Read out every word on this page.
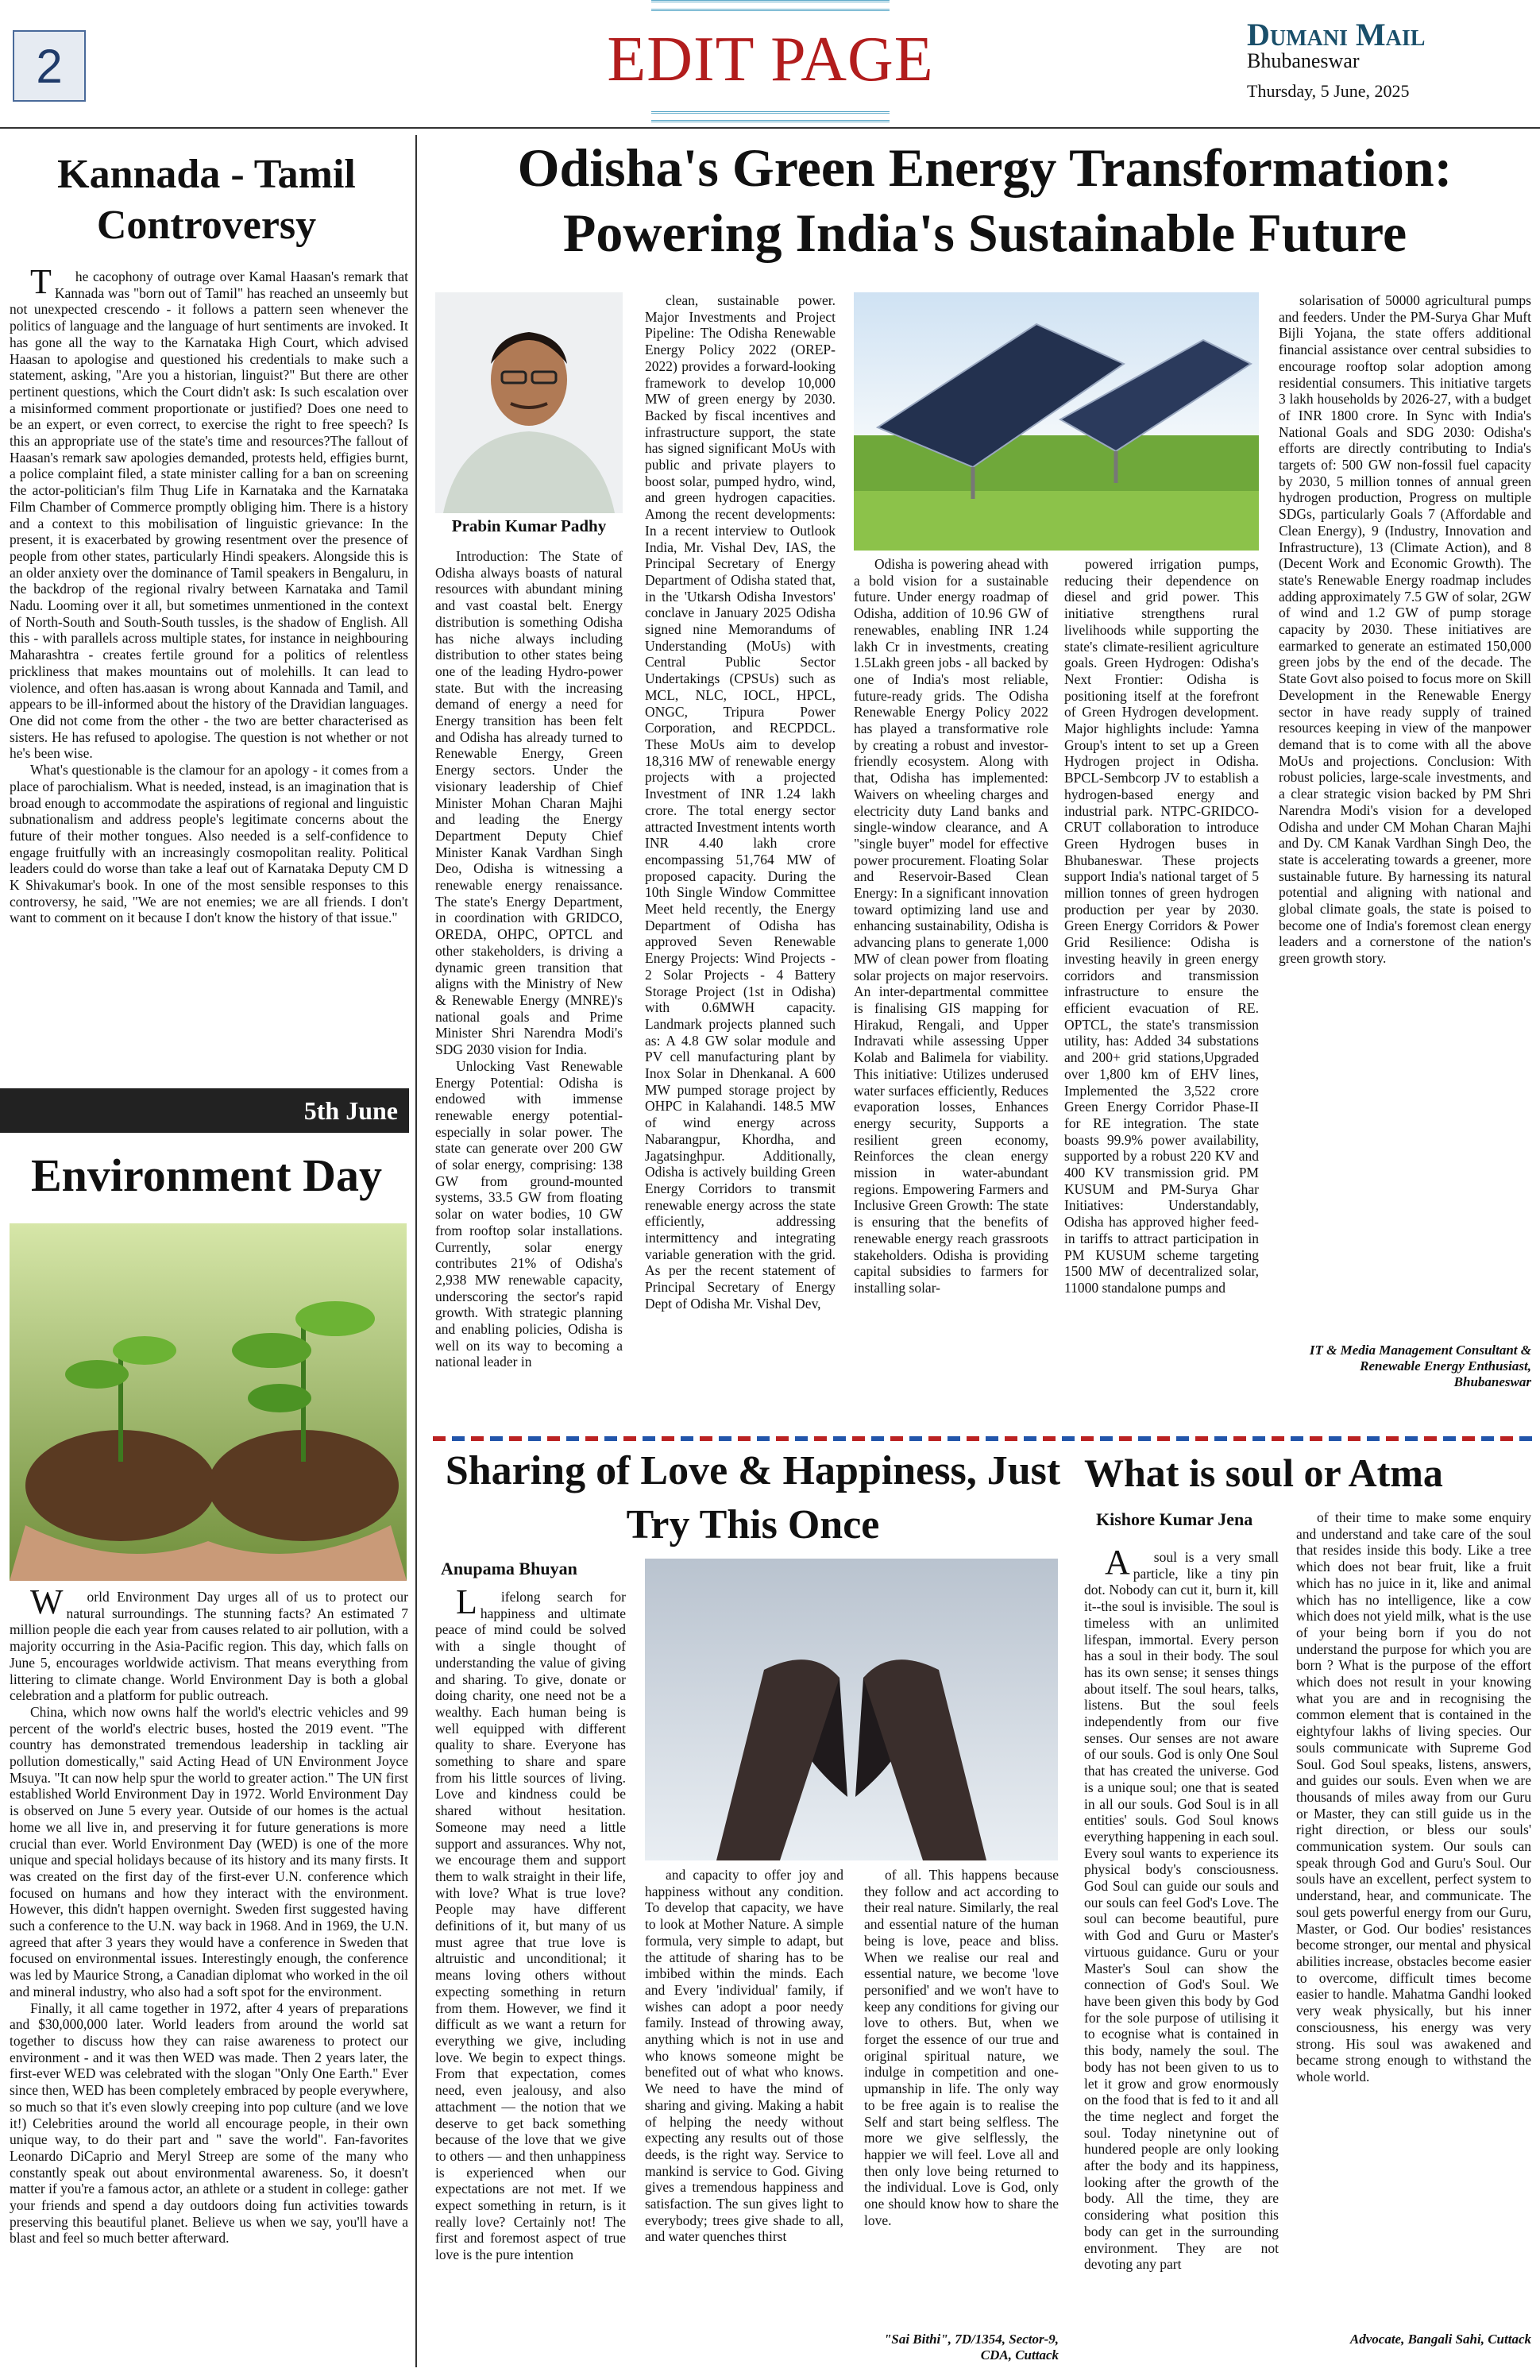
2	EDIT PAGE	Dumani Mail
Bhubaneswar
Thursday, 5 June, 2025
Kannada - Tamil Controversy

The cacophony of outrage over Kamal Haasan's remark that Kannada was "born out of Tamil" has reached an unseemly but not unexpected crescendo - it follows a pattern seen whenever the politics of language and the language of hurt sentiments are invoked. It has gone all the way to the Karnataka High Court, which advised Haasan to apologise and questioned his credentials to make such a statement, asking, "Are you a historian, linguist?" But there are other pertinent questions, which the Court didn't ask: Is such escalation over a misinformed comment proportionate or justified? Does one need to be an expert, or even correct, to exercise the right to free speech? Is this an appropriate use of the state's time and resources?The fallout of Haasan's remark saw apologies demanded, protests held, effigies burnt, a police complaint filed, a state minister calling for a ban on screening the actor-politician's film Thug Life in Karnataka and the Karnataka Film Chamber of Commerce promptly obliging him. There is a history and a context to this mobilisation of linguistic grievance: In the present, it is exacerbated by growing resentment over the presence of people from other states, particularly Hindi speakers. Alongside this is an older anxiety over the dominance of Tamil speakers in Bengaluru, in the backdrop of the regional rivalry between Karnataka and Tamil Nadu. Looming over it all, but sometimes unmentioned in the context of North-South and South-South tussles, is the shadow of English. All this - with parallels across multiple states, for instance in neighbouring Maharashtra - creates fertile ground for a politics of relentless prickliness that makes mountains out of molehills. It can lead to violence, and often has.aasan is wrong about Kannada and Tamil, and appears to be ill-informed about the history of the Dravidian languages. One did not come from the other - the two are better characterised as sisters. He has refused to apologise. The question is not whether or not he's been wise.

What's questionable is the clamour for an apology - it comes from a place of parochialism. What is needed, instead, is an imagination that is broad enough to accommodate the aspirations of regional and linguistic subnationalism and address people's legitimate concerns about the future of their mother tongues. Also needed is a self-confidence to engage fruitfully with an increasingly cosmopolitan reality. Political leaders could do worse than take a leaf out of Karnataka Deputy CM D K Shivakumar's book. In one of the most sensible responses to this controversy, he said, "We are not enemies; we are all friends. I don't want to comment on it because I don't know the history of that issue."

5th June
Environment Day

World Environment Day urges all of us to protect our natural surroundings. The stunning facts? An estimated 7 million people die each year from causes related to air pollution, with a majority occurring in the Asia-Pacific region. This day, which falls on June 5, encourages worldwide activism. That means everything from littering to climate change. World Environment Day is both a global celebration and a platform for public outreach.

China, which now owns half the world's electric vehicles and 99 percent of the world's electric buses, hosted the 2019 event. "The country has demonstrated tremendous leadership in tackling air pollution domestically," said Acting Head of UN Environment Joyce Msuya. "It can now help spur the world to greater action." The UN first established World Environment Day in 1972. World Environment Day is observed on June 5 every year. Outside of our homes is the actual home we all live in, and preserving it for future generations is more crucial than ever. World Environment Day (WED) is one of the more unique and special holidays because of its history and its many firsts. It was created on the first day of the first-ever U.N. conference which focused on humans and how they interact with the environment. However, this didn't happen overnight. Sweden first suggested having such a conference to the U.N. way back in 1968. And in 1969, the U.N. agreed that after 3 years they would have a conference in Sweden that focused on environmental issues. Interestingly enough, the conference was led by Maurice Strong, a Canadian diplomat who worked in the oil and mineral industry, who also had a soft spot for the environment.

Finally, it all came together in 1972, after 4 years of preparations and $30,000,000 later. World leaders from around the world sat together to discuss how they can raise awareness to protect our environment - and it was then WED was made. Then 2 years later, the first-ever WED was celebrated with the slogan "Only One Earth." Ever since then, WED has been completely embraced by people everywhere, so much so that it's even slowly creeping into pop culture (and we love it!) Celebrities around the world all encourage people, in their own unique way, to do their part and " save the world". Fan-favorites Leonardo DiCaprio and Meryl Streep are some of the many who constantly speak out about environmental awareness. So, it doesn't matter if you're a famous actor, an athlete or a student in college: gather your friends and spend a day outdoors doing fun activities towards preserving this beautiful planet. Believe us when we say, you'll have a blast and feel so much better afterward.

Odisha's Green Energy Transformation: Powering India's Sustainable Future
Prabin Kumar Padhy

Introduction: The State of Odisha always boasts of natural resources with abundant mining and vast coastal belt. Energy distribution is something Odisha has niche always including distribution to other states being one of the leading Hydro-power state. But with the increasing demand of energy a need for Energy transition has been felt and Odisha has already turned to Renewable Energy, Green Energy sectors. Under the visionary leadership of Chief Minister Mohan Charan Majhi and leading the Energy Department Deputy Chief Minister Kanak Vardhan Singh Deo, Odisha is witnessing a renewable energy renaissance. The state's Energy Department, in coordination with GRIDCO, OREDA, OHPC, OPTCL and other stakeholders, is driving a dynamic green transition that aligns with the Ministry of New & Renewable Energy (MNRE)'s national goals and Prime Minister Shri Narendra Modi's SDG 2030 vision for India.

Unlocking Vast Renewable Energy Potential: Odisha is endowed with immense renewable energy potential-especially in solar power. The state can generate over 200 GW of solar energy, comprising: 138 GW from ground-mounted systems, 33.5 GW from floating solar on water bodies, 10 GW from rooftop solar installations. Currently, solar energy contributes 21% of Odisha's 2,938 MW renewable capacity, underscoring the sector's rapid growth. With strategic planning and enabling policies, Odisha is well on its way to becoming a national leader in

clean, sustainable power. Major Investments and Project Pipeline: The Odisha Renewable Energy Policy 2022 (OREP-2022) provides a forward-looking framework to develop 10,000 MW of green energy by 2030. Backed by fiscal incentives and infrastructure support, the state has signed significant MoUs with public and private players to boost solar, pumped hydro, wind, and green hydrogen capacities. Among the recent developments: In a recent interview to Outlook India, Mr. Vishal Dev, IAS, the Principal Secretary of Energy Department of Odisha stated that, in the 'Utkarsh Odisha Investors' conclave in January 2025 Odisha signed nine Memorandums of Understanding (MoUs) with Central Public Sector Undertakings (CPSUs) such as MCL, NLC, IOCL, HPCL, ONGC, Tripura Power Corporation, and RECPDCL. These MoUs aim to develop 18,316 MW of renewable energy projects with a projected Investment of INR 1.24 lakh crore. The total energy sector attracted Investment intents worth INR 4.40 lakh crore encompassing 51,764 MW of proposed capacity. During the 10th Single Window Committee Meet held recently, the Energy Department of Odisha has approved Seven Renewable Energy Projects: Wind Projects - 2 Solar Projects - 4 Battery Storage Project (1st in Odisha) with 0.6MWH capacity. Landmark projects planned such as: A 4.8 GW solar module and PV cell manufacturing plant by Inox Solar in Dhenkanal. A 600 MW pumped storage project by OHPC in Kalahandi. 148.5 MW of wind energy across Nabarangpur, Khordha, and Jagatsinghpur. Additionally, Odisha is actively building Green Energy Corridors to transmit renewable energy across the state efficiently, addressing intermittency and integrating variable generation with the grid. As per the recent statement of Principal Secretary of Energy Dept of Odisha Mr. Vishal Dev,

Odisha is powering ahead with a bold vision for a sustainable future. Under energy roadmap of Odisha, addition of 10.96 GW of renewables, enabling INR 1.24 lakh Cr in investments, creating 1.5Lakh green jobs - all backed by one of India's most reliable, future-ready grids. The Odisha Renewable Energy Policy 2022 has played a transformative role by creating a robust and investor-friendly ecosystem. Along with that, Odisha has implemented: Waivers on wheeling charges and electricity duty Land banks and single-window clearance, and A "single buyer" model for effective power procurement. Floating Solar and Reservoir-Based Clean Energy: In a significant innovation toward optimizing land use and enhancing sustainability, Odisha is advancing plans to generate 1,000 MW of clean power from floating solar projects on major reservoirs. An inter-departmental committee is finalising GIS mapping for Hirakud, Rengali, and Upper Indravati while assessing Upper Kolab and Balimela for viability. This initiative: Utilizes underused water surfaces efficiently, Reduces evaporation losses, Enhances energy security, Supports a resilient green economy, Reinforces the clean energy mission in water-abundant regions. Empowering Farmers and Inclusive Green Growth: The state is ensuring that the benefits of renewable energy reach grassroots stakeholders. Odisha is providing capital subsidies to farmers for installing solar-

powered irrigation pumps, reducing their dependence on diesel and grid power. This initiative strengthens rural livelihoods while supporting the state's climate-resilient agriculture goals. Green Hydrogen: Odisha's Next Frontier: Odisha is positioning itself at the forefront of Green Hydrogen development. Major highlights include: Yamna Group's intent to set up a Green Hydrogen project in Odisha. BPCL-Sembcorp JV to establish a hydrogen-based energy and industrial park. NTPC-GRIDCO-CRUT collaboration to introduce Green Hydrogen buses in Bhubaneswar. These projects support India's national target of 5 million tonnes of green hydrogen production per year by 2030. Green Energy Corridors & Power Grid Resilience: Odisha is investing heavily in green energy corridors and transmission infrastructure to ensure the efficient evacuation of RE. OPTCL, the state's transmission utility, has: Added 34 substations and 200+ grid stations,Upgraded over 1,800 km of EHV lines, Implemented the 3,522 crore Green Energy Corridor Phase-II for RE integration. The state boasts 99.9% power availability, supported by a robust 220 KV and 400 KV transmission grid. PM KUSUM and PM-Surya Ghar Initiatives: Understandably, Odisha has approved higher feed-in tariffs to attract participation in PM KUSUM scheme targeting 1500 MW of decentralized solar, 11000 standalone pumps and

solarisation of 50000 agricultural pumps and feeders. Under the PM-Surya Ghar Muft Bijli Yojana, the state offers additional financial assistance over central subsidies to encourage rooftop solar adoption among residential consumers. This initiative targets 3 lakh households by 2026-27, with a budget of INR 1800 crore. In Sync with India's National Goals and SDG 2030: Odisha's efforts are directly contributing to India's targets of: 500 GW non-fossil fuel capacity by 2030, 5 million tonnes of annual green hydrogen production, Progress on multiple SDGs, particularly Goals 7 (Affordable and Clean Energy), 9 (Industry, Innovation and Infrastructure), 13 (Climate Action), and 8 (Decent Work and Economic Growth). The state's Renewable Energy roadmap includes adding approximately 7.5 GW of solar, 2GW of wind and 1.2 GW of pump storage capacity by 2030. These initiatives are earmarked to generate an estimated 150,000 green jobs by the end of the decade. The State Govt also poised to focus more on Skill Development in the Renewable Energy sector in have ready supply of trained resources keeping in view of the manpower demand that is to come with all the above MoUs and projections. Conclusion: With robust policies, large-scale investments, and a clear strategic vision backed by PM Shri Narendra Modi's vision for a developed Odisha and under CM Mohan Charan Majhi and Dy. CM Kanak Vardhan Singh Deo, the state is accelerating towards a greener, more sustainable future. By harnessing its natural potential and aligning with national and global climate goals, the state is poised to become one of India's foremost clean energy leaders and a cornerstone of the nation's green growth story.

IT & Media Management Consultant & Renewable Energy Enthusiast, Bhubaneswar
Sharing of Love & Happiness, Just Try This Once
Anupama Bhuyan

Lifelong search for happiness and ultimate peace of mind could be solved with a single thought of understanding the value of giving and sharing. To give, donate or doing charity, one need not be a wealthy. Each human being is well equipped with different quality to share. Everyone has something to share and spare from his little sources of living. Love and kindness could be shared without hesitation. Someone may need a little support and assurances. Why not, we encourage them and support them to walk straight in their life, with love? What is true love? People may have different definitions of it, but many of us must agree that true love is altruistic and unconditional; it means loving others without expecting something in return from them. However, we find it difficult as we want a return for everything we give, including love. We begin to expect things. From that expectation, comes need, even jealousy, and also attachment — the notion that we deserve to get back something because of the love that we give to others — and then unhappiness is experienced when our expectations are not met. If we expect something in return, is it really love? Certainly not! The first and foremost aspect of true love is the pure intention

and capacity to offer joy and happiness without any condition. To develop that capacity, we have to look at Mother Nature. A simple formula, very simple to adapt, but the attitude of sharing has to be imbibed within the minds. Each and Every 'individual' family, if wishes can adopt a poor needy family. Instead of throwing away, anything which is not in use and who knows someone might be benefited out of what who knows. We need to have the mind of sharing and giving. Making a habit of helping the needy without expecting any results out of those deeds, is the right way. Service to mankind is service to God. Giving gives a tremendous happiness and satisfaction. The sun gives light to everybody; trees give shade to all, and water quenches thirst

of all. This happens because they follow and act according to their real nature. Similarly, the real and essential nature of the human being is love, peace and bliss. When we realise our real and essential nature, we become 'love personified' and we won't have to keep any conditions for giving our love to others. But, when we forget the essence of our true and original spiritual nature, we indulge in competition and one-upmanship in life. The only way to be free again is to realise the Self and start being selfless. The more we give selflessly, the happier we will feel. Love all and then only love being returned to the individual. Love is God, only one should know how to share the love.

"Sai Bithi", 7D/1354, Sector-9, CDA, Cuttack
What is soul or Atma
Kishore Kumar Jena

Asoul is a very small particle, like a tiny pin dot. Nobody can cut it, burn it, kill it--the soul is invisible. The soul is timeless with an unlimited lifespan, immortal. Every person has a soul in their body. The soul has its own sense; it senses things about itself. The soul hears, talks, listens. But the soul feels independently from our five senses. Our senses are not aware of our souls. God is only One Soul that has created the universe. God is a unique soul; one that is seated in all our souls. God Soul is in all entities' souls. God Soul knows everything happening in each soul. Every soul wants to experience its physical body's consciousness. God Soul can guide our souls and our souls can feel God's Love. The soul can become beautiful, pure with God and Guru or Master's virtuous guidance. Guru or your Master's Soul can show the connection of God's Soul. We have been given this body by God for the sole purpose of utilising it to ecognise what is contained in this body, namely the soul. The body has not been given to us to let it grow and grow enormously on the food that is fed to it and all the time neglect and forget the soul. Today ninetynine out of hundered people are only looking after the body and its happiness, looking after the growth of the body. All the time, they are considering what position this body can get in the surrounding environment. They are not devoting any part

of their time to make some enquiry and understand and take care of the soul that resides inside this body. Like a tree which does not bear fruit, like a fruit which has no juice in it, like and animal which has no intelligence, like a cow which does not yield milk, what is the use of your being born if you do not understand the purpose for which you are born ? What is the purpose of the effort which does not result in your knowing what you are and in recognising the common element that is contained in the eightyfour lakhs of living species. Our souls communicate with Supreme God Soul. God Soul speaks, listens, answers, and guides our souls. Even when we are thousands of miles away from our Guru or Master, they can still guide us in the right direction, or bless our souls' communication system. Our souls can speak through God and Guru's Soul. Our souls have an excellent, perfect system to understand, hear, and communicate. The soul gets powerful energy from our Guru, Master, or God. Our bodies' resistances become stronger, our mental and physical abilities increase, obstacles become easier to overcome, difficult times become easier to handle. Mahatma Gandhi looked very weak physically, but his inner consciousness, his energy was very strong. His soul was awakened and became strong enough to withstand the whole world.

Advocate, Bangali Sahi, Cuttack
